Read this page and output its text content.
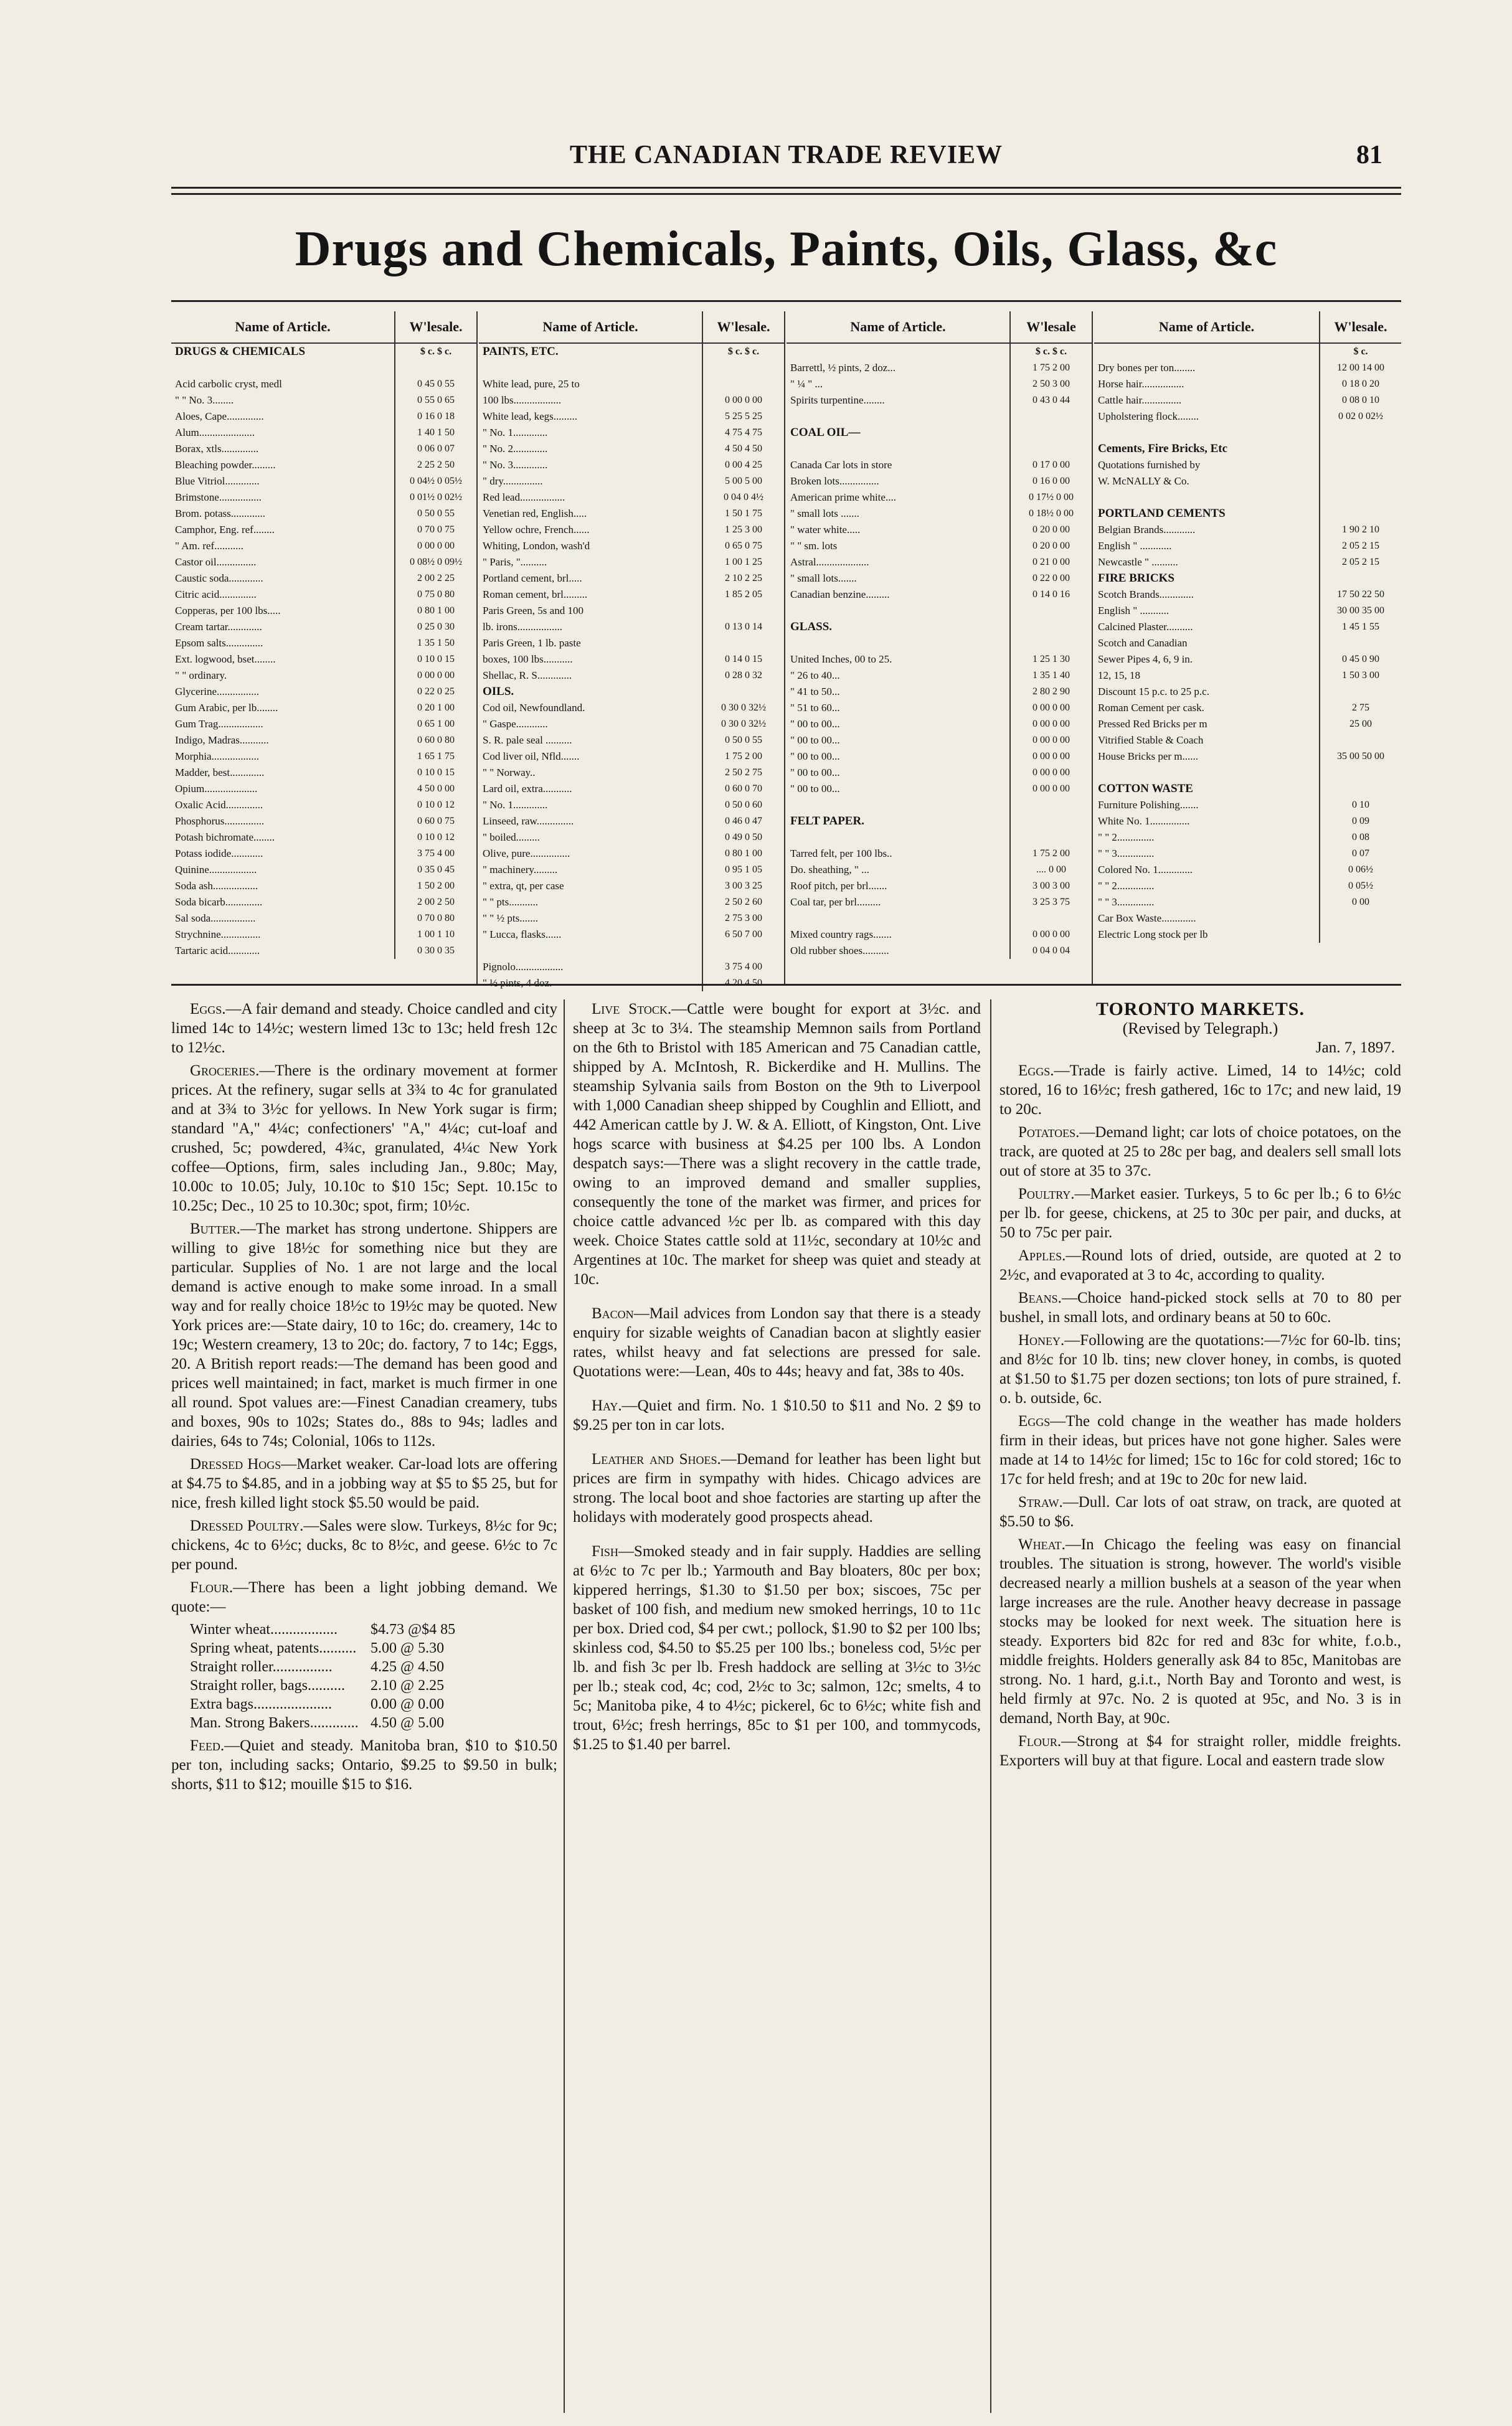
THE CANADIAN TRADE REVIEW	81
Drugs and Chemicals, Paints, Oils, Glass, &c
Name of Article.	W'lesale.
DRUGS & CHEMICALS	$ c. $ c.

Acid carbolic cryst, medl	0 45 0 55
" " No. 3........	0 55 0 65
Aloes, Cape..............	0 16 0 18
Alum.....................	1 40 1 50
Borax, xtls..............	0 06 0 07
Bleaching powder.........	2 25 2 50
Blue Vitriol.............	0 04½ 0 05½
Brimstone................	0 01½ 0 02½
Brom. potass.............	0 50 0 55
Camphor, Eng. ref........	0 70 0 75
" Am. ref...........	0 00 0 00
Castor oil...............	0 08½ 0 09½
Caustic soda.............	2 00 2 25
Citric acid..............	0 75 0 80
Copperas, per 100 lbs.....	0 80 1 00
Cream tartar.............	0 25 0 30
Epsom salts..............	1 35 1 50
Ext. logwood, bset........	0 10 0 15
" " ordinary.	0 00 0 00
Glycerine................	0 22 0 25
Gum Arabic, per lb........	0 20 1 00
Gum Trag.................	0 65 1 00
Indigo, Madras...........	0 60 0 80
Morphia..................	1 65 1 75
Madder, best.............	0 10 0 15
Opium....................	4 50 0 00
Oxalic Acid..............	0 10 0 12
Phosphorus...............	0 60 0 75
Potash bichromate........	0 10 0 12
Potass iodide............	3 75 4 00
Quinine..................	0 35 0 45
Soda ash.................	1 50 2 00
Soda bicarb..............	2 00 2 50
Sal soda.................	0 70 0 80
Strychnine...............	1 00 1 10
Tartaric acid............	0 30 0 35
Name of Article.	W'lesale.
PAINTS, ETC.	$ c. $ c.

White lead, pure, 25 to

100 lbs..................	0 00 0 00
White lead, kegs.........	5 25 5 25
" No. 1.............	4 75 4 75
" No. 2.............	4 50 4 50
" No. 3.............	0 00 4 25
" dry...............	5 00 5 00
Red lead.................	0 04 0 4½
Venetian red, English.....	1 50 1 75
Yellow ochre, French......	1 25 3 00
Whiting, London, wash'd	0 65 0 75
" Paris, "..........	1 00 1 25
Portland cement, brl.....	2 10 2 25
Roman cement, brl.........	1 85 2 05
Paris Green, 5s and 100

lb. irons.................	0 13 0 14
Paris Green, 1 lb. paste

boxes, 100 lbs...........	0 14 0 15
Shellac, R. S.............	0 28 0 32
OILS.

Cod oil, Newfoundland.	0 30 0 32½
" Gaspe............	0 30 0 32½
S. R. pale seal ..........	0 50 0 55
Cod liver oil, Nfld.......	1 75 2 00
" " Norway..	2 50 2 75
Lard oil, extra...........	0 60 0 70
" No. 1.............	0 50 0 60
Linseed, raw..............	0 46 0 47
" boiled.........	0 49 0 50
Olive, pure...............	0 80 1 00
" machinery.........	0 95 1 05
" extra, qt, per case	3 00 3 25
" " pts...........	2 50 2 60
" " ½ pts.......	2 75 3 00
" Lucca, flasks......	6 50 7 00

Pignolo..................	3 75 4 00
" ½ pints, 4 doz.	4 20 4 50
Name of Article.	W'lesale

$ c. $ c.
Barrettl, ½ pints, 2 doz...	1 75 2 00
" ¼ " ...	2 50 3 00
Spirits turpentine........	0 43 0 44

COAL OIL—

Canada Car lots in store	0 17 0 00
Broken lots...............	0 16 0 00
American prime white....	0 17½ 0 00
" small lots .......	0 18½ 0 00
" water white.....	0 20 0 00
" " sm. lots	0 20 0 00
Astral....................	0 21 0 00
" small lots.......	0 22 0 00
Canadian benzine.........	0 14 0 16

GLASS.

United Inches, 00 to 25.	1 25 1 30
" 26 to 40...	1 35 1 40
" 41 to 50...	2 80 2 90
" 51 to 60...	0 00 0 00
" 00 to 00...	0 00 0 00
" 00 to 00...	0 00 0 00
" 00 to 00...	0 00 0 00
" 00 to 00...	0 00 0 00
" 00 to 00...	0 00 0 00

FELT PAPER.

Tarred felt, per 100 lbs..	1 75 2 00
Do. sheathing, " ...	.... 0 00
Roof pitch, per brl.......	3 00 3 00
Coal tar, per brl.........	3 25 3 75

Mixed country rags.......	0 00 0 00
Old rubber shoes..........	0 04 0 04
Name of Article.	W'lesale.

$ c.
Dry bones per ton........	12 00 14 00
Horse hair................	0 18 0 20
Cattle hair...............	0 08 0 10
Upholstering flock........	0 02 0 02½

Cements, Fire Bricks, Etc

Quotations furnished by

W. McNALLY & Co.

PORTLAND CEMENTS

Belgian Brands............	1 90 2 10
English " ............	2 05 2 15
Newcastle " ..........	2 05 2 15
FIRE BRICKS

Scotch Brands.............	17 50 22 50
English " ...........	30 00 35 00
Calcined Plaster..........	1 45 1 55
Scotch and Canadian

Sewer Pipes 4, 6, 9 in.	0 45 0 90
12, 15, 18	1 50 3 00
Discount 15 p.c. to 25 p.c.

Roman Cement per cask.	2 75
Pressed Red Bricks per m	25 00
Vitrified Stable & Coach

House Bricks per m......	35 00 50 00

COTTON WASTE

Furniture Polishing.......	0 10
White No. 1...............	0 09
" " 2..............	0 08
" " 3..............	0 07
Colored No. 1.............	0 06½
" " 2..............	0 05½
" " 3..............	0 00
Car Box Waste.............

Electric Long stock per lb

Eggs.—A fair demand and steady. Choice candled and city limed 14c to 14½c; western limed 13c to 13c; held fresh 12c to 12½c.

Groceries.—There is the ordinary movement at former prices. At the refinery, sugar sells at 3¾ to 4c for granulated and at 3¾ to 3½c for yellows. In New York sugar is firm; standard "A," 4¼c; confectioners' "A," 4¼c; cut-loaf and crushed, 5c; powdered, 4¾c, granulated, 4¼c New York coffee—Options, firm, sales including Jan., 9.80c; May, 10.00c to 10.05; July, 10.10c to $10 15c; Sept. 10.15c to 10.25c; Dec., 10 25 to 10.30c; spot, firm; 10½c.

Butter.—The market has strong undertone. Shippers are willing to give 18½c for something nice but they are particular. Supplies of No. 1 are not large and the local demand is active enough to make some inroad. In a small way and for really choice 18½c to 19½c may be quoted. New York prices are:—State dairy, 10 to 16c; do. creamery, 14c to 19c; Western creamery, 13 to 20c; do. factory, 7 to 14c; Eggs, 20. A British report reads:—The demand has been good and prices well maintained; in fact, market is much firmer in one all round. Spot values are:—Finest Canadian creamery, tubs and boxes, 90s to 102s; States do., 88s to 94s; ladles and dairies, 64s to 74s; Colonial, 106s to 112s.

Dressed Hogs—Market weaker. Car-load lots are offering at $4.75 to $4.85, and in a jobbing way at $5 to $5 25, but for nice, fresh killed light stock $5.50 would be paid.

Dressed Poultry.—Sales were slow. Turkeys, 8½c for 9c; chickens, 4c to 6½c; ducks, 8c to 8½c, and geese. 6½c to 7c per pound.

Flour.—There has been a light jobbing demand. We quote:—

Winter wheat..................	$4.73 @$4 85
Spring wheat, patents.......... 5.00 @ 5.30
Straight roller................	4.25 @ 4.50
Straight roller, bags..........	2.10 @ 2.25
Extra bags.....................	0.00 @ 0.00
Man. Strong Bakers............. 4.50 @ 5.00

Feed.—Quiet and steady. Manitoba bran, $10 to $10.50 per ton, including sacks; Ontario, $9.25 to $9.50 in bulk; shorts, $11 to $12; mouille $15 to $16.

Live Stock.—Cattle were bought for export at 3½c. and sheep at 3c to 3¼. The steamship Memnon sails from Portland on the 6th to Bristol with 185 American and 75 Canadian cattle, shipped by A. McIntosh, R. Bickerdike and H. Mullins. The steamship Sylvania sails from Boston on the 9th to Liverpool with 1,000 Canadian sheep shipped by Coughlin and Elliott, and 442 American cattle by J. W. & A. Elliott, of Kingston, Ont. Live hogs scarce with business at $4.25 per 100 lbs. A London despatch says:—There was a slight recovery in the cattle trade, owing to an improved demand and smaller supplies, consequently the tone of the market was firmer, and prices for choice cattle advanced ½c per lb. as compared with this day week. Choice States cattle sold at 11½c, secondary at 10½c and Argentines at 10c. The market for sheep was quiet and steady at 10c.

Bacon—Mail advices from London say that there is a steady enquiry for sizable weights of Canadian bacon at slightly easier rates, whilst heavy and fat selections are pressed for sale. Quotations were:—Lean, 40s to 44s; heavy and fat, 38s to 40s.

Hay.—Quiet and firm. No. 1 $10.50 to $11 and No. 2 $9 to $9.25 per ton in car lots.

Leather and Shoes.—Demand for leather has been light but prices are firm in sympathy with hides. Chicago advices are strong. The local boot and shoe factories are starting up after the holidays with moderately good prospects ahead.

Fish—Smoked steady and in fair supply. Haddies are selling at 6½c to 7c per lb.; Yarmouth and Bay bloaters, 80c per box; kippered herrings, $1.30 to $1.50 per box; siscoes, 75c per basket of 100 fish, and medium new smoked herrings, 10 to 11c per box. Dried cod, $4 per cwt.; pollock, $1.90 to $2 per 100 lbs; skinless cod, $4.50 to $5.25 per 100 lbs.; boneless cod, 5½c per lb. and fish 3c per lb. Fresh haddock are selling at 3½c to 3½c per lb.; steak cod, 4c; cod, 2½c to 3c; salmon, 12c; smelts, 4 to 5c; Manitoba pike, 4 to 4½c; pickerel, 6c to 6½c; white fish and trout, 6½c; fresh herrings, 85c to $1 per 100, and tommycods, $1.25 to $1.40 per barrel.

TORONTO MARKETS.
(Revised by Telegraph.)
Jan. 7, 1897.

Eggs.—Trade is fairly active. Limed, 14 to 14½c; cold stored, 16 to 16½c; fresh gathered, 16c to 17c; and new laid, 19 to 20c.

Potatoes.—Demand light; car lots of choice potatoes, on the track, are quoted at 25 to 28c per bag, and dealers sell small lots out of store at 35 to 37c.

Poultry.—Market easier. Turkeys, 5 to 6c per lb.; 6 to 6½c per lb. for geese, chickens, at 25 to 30c per pair, and ducks, at 50 to 75c per pair.

Apples.—Round lots of dried, outside, are quoted at 2 to 2½c, and evaporated at 3 to 4c, according to quality.

Beans.—Choice hand-picked stock sells at 70 to 80 per bushel, in small lots, and ordinary beans at 50 to 60c.

Honey.—Following are the quotations:—7½c for 60-lb. tins; and 8½c for 10 lb. tins; new clover honey, in combs, is quoted at $1.50 to $1.75 per dozen sections; ton lots of pure strained, f. o. b. outside, 6c.

Eggs—The cold change in the weather has made holders firm in their ideas, but prices have not gone higher. Sales were made at 14 to 14½c for limed; 15c to 16c for cold stored; 16c to 17c for held fresh; and at 19c to 20c for new laid.

Straw.—Dull. Car lots of oat straw, on track, are quoted at $5.50 to $6.

Wheat.—In Chicago the feeling was easy on financial troubles. The situation is strong, however. The world's visible decreased nearly a million bushels at a season of the year when large increases are the rule. Another heavy decrease in passage stocks may be looked for next week. The situation here is steady. Exporters bid 82c for red and 83c for white, f.o.b., middle freights. Holders generally ask 84 to 85c, Manitobas are strong. No. 1 hard, g.i.t., North Bay and Toronto and west, is held firmly at 97c. No. 2 is quoted at 95c, and No. 3 is in demand, North Bay, at 90c.

Flour.—Strong at $4 for straight roller, middle freights. Exporters will buy at that figure. Local and eastern trade slow
